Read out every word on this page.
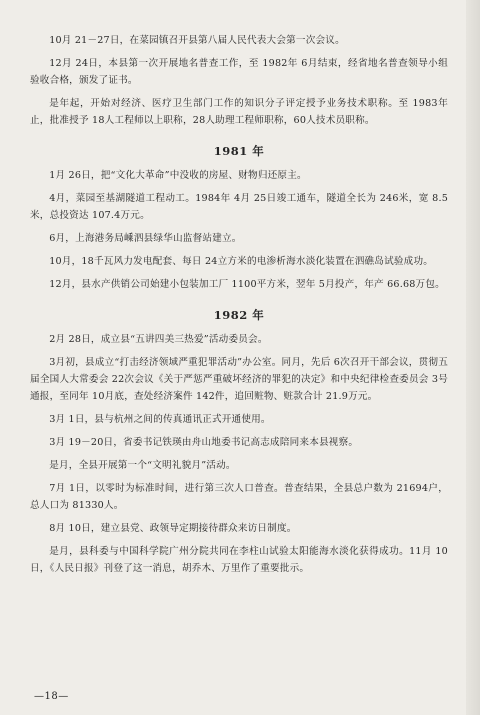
10月 21－27日，在菜园镇召开县第八届人民代表大会第一次会议。

12月 24日，本县第一次开展地名普查工作，至 1982年 6月结束，经省地名普查领导小组验收合格，颁发了证书。

是年起，开始对经济、医疗卫生部门工作的知识分子评定授予业务技术职称。至 1983年止，批准授予 18人工程师以上职称，28人助理工程师职称，60人技术员职称。

1981 年

1月 26日，把“文化大革命”中没收的房屋、财物归还原主。

4月，菜园至基湖隧道工程动工。1984年 4月 25日竣工通车，隧道全长为 246米，宽 8.5米，总投资达 107.4万元。

6月，上海港务局嵊泗县绿华山监督站建立。

10月，18千瓦风力发电配套、每日 24立方米的电渗析海水淡化装置在泗礁岛试验成功。

12月，县水产供销公司始建小包装加工厂 1100平方米，翌年 5月投产，年产 66.68万包。

1982 年

2月 28日，成立县“五讲四美三热爱”活动委员会。

3月初，县成立“打击经济领域严重犯罪活动”办公室。同月，先后 6次召开干部会议，贯彻五届全国人大常委会 22次会议《关于严惩严重破坏经济的罪犯的决定》和中央纪律检查委员会 3号通报，至同年 10月底，查处经济案件 142件，追回赃物、赃款合计 21.9万元。

3月 1日，县与杭州之间的传真通讯正式开通使用。

3月 19－20日，省委书记铁瑛由舟山地委书记高志成陪同来本县视察。

是月，全县开展第一个“文明礼貌月”活动。

7月 1日，以零时为标准时间，进行第三次人口普查。普查结果，全县总户数为 21694户，总人口为 81330人。

8月 10日，建立县党、政领导定期接待群众来访日制度。

是月，县科委与中国科学院广州分院共同在李柱山试验太阳能海水淡化获得成功。11月 10日，《人民日报》刊登了这一消息，胡乔木、万里作了重要批示。

—18—
